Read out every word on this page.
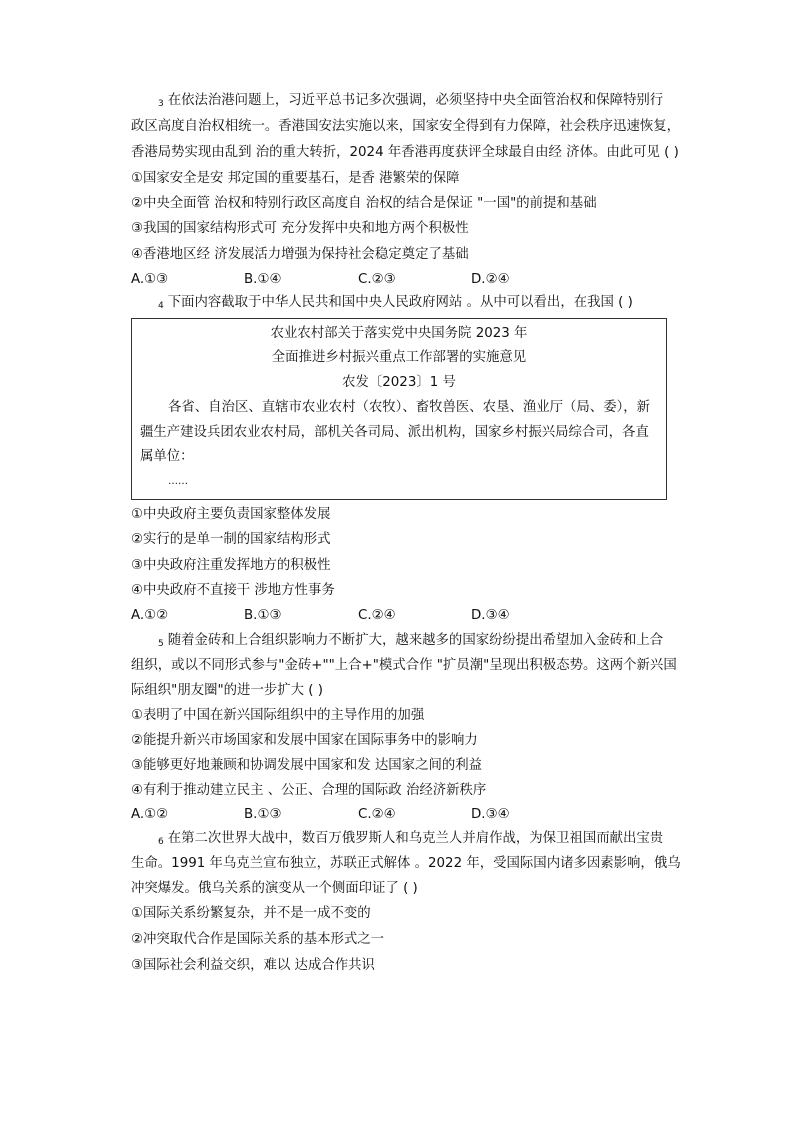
3 在依法治港问题上，习近平总书记多次强调，必须坚持中央全面管治权和保障特别行
政区高度自治权相统一。香港国安法实施以来，国家安全得到有力保障，社会秩序迅速恢复，
香港局势实现由乱到 治的重大转折，2024 年香港再度获评全球最自由经 济体。由此可见 ( )
①国家安全是安 邦定国的重要基石，是香 港繁荣的保障
②中央全面管 治权和特别行政区高度自 治权的结合是保证 "一国"的前提和基础
③我国的国家结构形式可 充分发挥中央和地方两个积极性
④香港地区经 济发展活力增强为保持社会稳定奠定了基础
A.①③	B.①④	C.②③	D.②④
4 下面内容截取于中华人民共和国中央人民政府网站 。从中可以看出，在我国 ( )
农业农村部关于落实党中央国务院 2023 年
全面推进乡村振兴重点工作部署的实施意见
农发〔2023〕1 号
各省、自治区、直辖市农业农村（农牧）、畜牧兽医、农垦、渔业厅（局、委），新
疆生产建设兵团农业农村局，部机关各司局、派出机构，国家乡村振兴局综合司，各直
属单位：
……
①中央政府主要负责国家整体发展
②实行的是单一制的国家结构形式
③中央政府注重发挥地方的积极性
④中央政府不直接干 涉地方性事务
A.①②	B.①③	C.②④	D.③④
5 随着金砖和上合组织影响力不断扩大，越来越多的国家纷纷提出希望加入金砖和上合
组织，或以不同形式参与"金砖+""上合+"模式合作 "扩员潮"呈现出积极态势。这两个新兴国
际组织"朋友圈"的进一步扩大 ( )
①表明了中国在新兴国际组织中的主导作用的加强
②能提升新兴市场国家和发展中国家在国际事务中的影响力
③能够更好地兼顾和协调发展中国家和发 达国家之间的利益
④有利于推动建立民主 、公正、合理的国际政 治经济新秩序
A.①②	B.①③	C.②④	D.③④
6 在第二次世界大战中，数百万俄罗斯人和乌克兰人并肩作战，为保卫祖国而献出宝贵
生命。1991 年乌克兰宣布独立，苏联正式解体 。2022 年，受国际国内诸多因素影响，俄乌
冲突爆发。俄乌关系的演变从一个侧面印证了 ( )
①国际关系纷繁复杂，并不是一成不变的
②冲突取代合作是国际关系的基本形式之一
③国际社会利益交织，难以 达成合作共识
